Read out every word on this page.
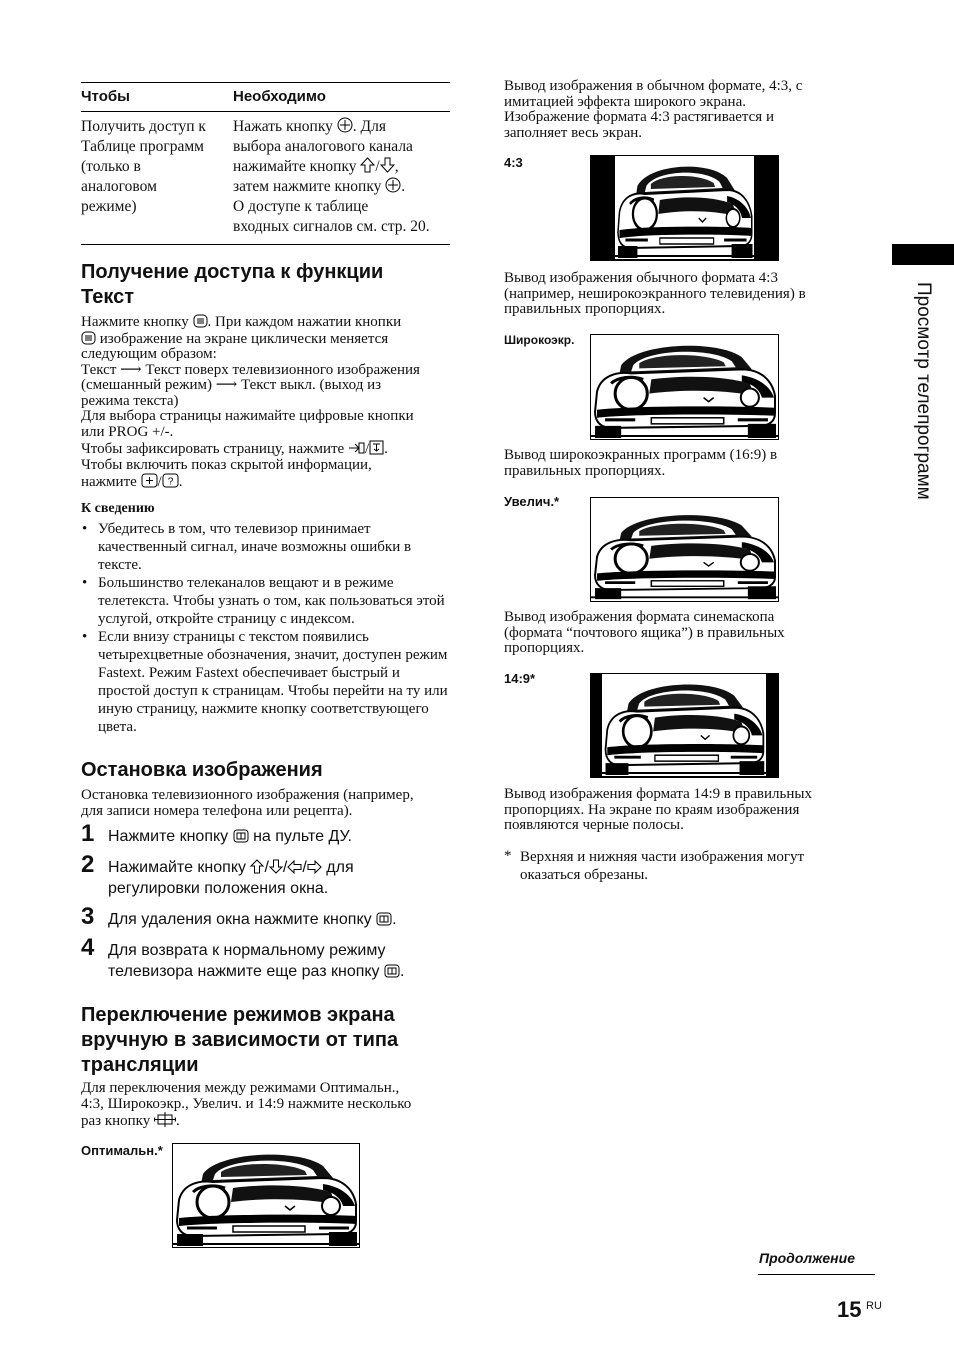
Чтобы	Необходимо
Получить доступ к
Таблице программ
(только в
аналоговом
режиме)
Нажать кнопку . Для
выбора аналогового канала
нажимайте кнопку / ,
затем нажмите кнопку .
О доступе к таблице
входных сигналов см. стр. 20.
Получение доступа к функции
Текст
Нажмите кнопку . При каждом нажатии кнопки
изображение на экране циклически меняется
следующим образом:
Текст ⟶ Текст поверх телевизионного изображения
(смешанный режим) ⟶ Текст выкл. (выход из
режима текста)
Для выбора страницы нажимайте цифровые кнопки
или PROG +/-.
Чтобы зафиксировать страницу, нажмите / .
Чтобы включить показ скрытой информации,
нажмите / ? .
К сведению
• Убедитесь в том, что телевизор принимает качественный сигнал, иначе возможны ошибки в тексте.
• Большинство телеканалов вещают и в режиме телетекста. Чтобы узнать о том, как пользоваться этой услугой, откройте страницу с индексом.
• Если внизу страницы с текстом появились четырехцветные обозначения, значит, доступен режим Fastext. Режим Fastext обеспечивает быстрый и простой доступ к страницам. Чтобы перейти на ту или иную страницу, нажмите кнопку соответствующего цвета.
Остановка изображения
Остановка телевизионного изображения (например,
для записи номера телефона или рецепта).
1 Нажмите кнопку на пульте ДУ.
2 Нажимайте кнопку / / / для
регулировки положения окна.
3 Для удаления окна нажмите кнопку .
4 Для возврата к нормальному режиму
телевизора нажмите еще раз кнопку .
Переключение режимов экрана
вручную в зависимости от типа
трансляции
Для переключения между режимами Оптимальн.,
4:3, Широкоэкр., Увелич. и 14:9 нажмите несколько
раз кнопку .
Оптимальн.*
Вывод изображения в обычном формате, 4:3, с
имитацией эффекта широкого экрана.
Изображение формата 4:3 растягивается и
заполняет весь экран.
4:3
Вывод изображения обычного формата 4:3
(например, неширокоэкранного телевидения) в
правильных пропорциях.
Широкоэкр.
Вывод широкоэкранных программ (16:9) в
правильных пропорциях.
Увелич.*
Вывод изображения формата синемаскопа
(формата “почтового ящика”) в правильных
пропорциях.
14:9*
Вывод изображения формата 14:9 в правильных
пропорциях. На экране по краям изображения
появляются черные полосы.
* Верхняя и нижняя части изображения могут
оказаться обрезаны.
Просмотр телепрограмм
Продолжение
15 RU
